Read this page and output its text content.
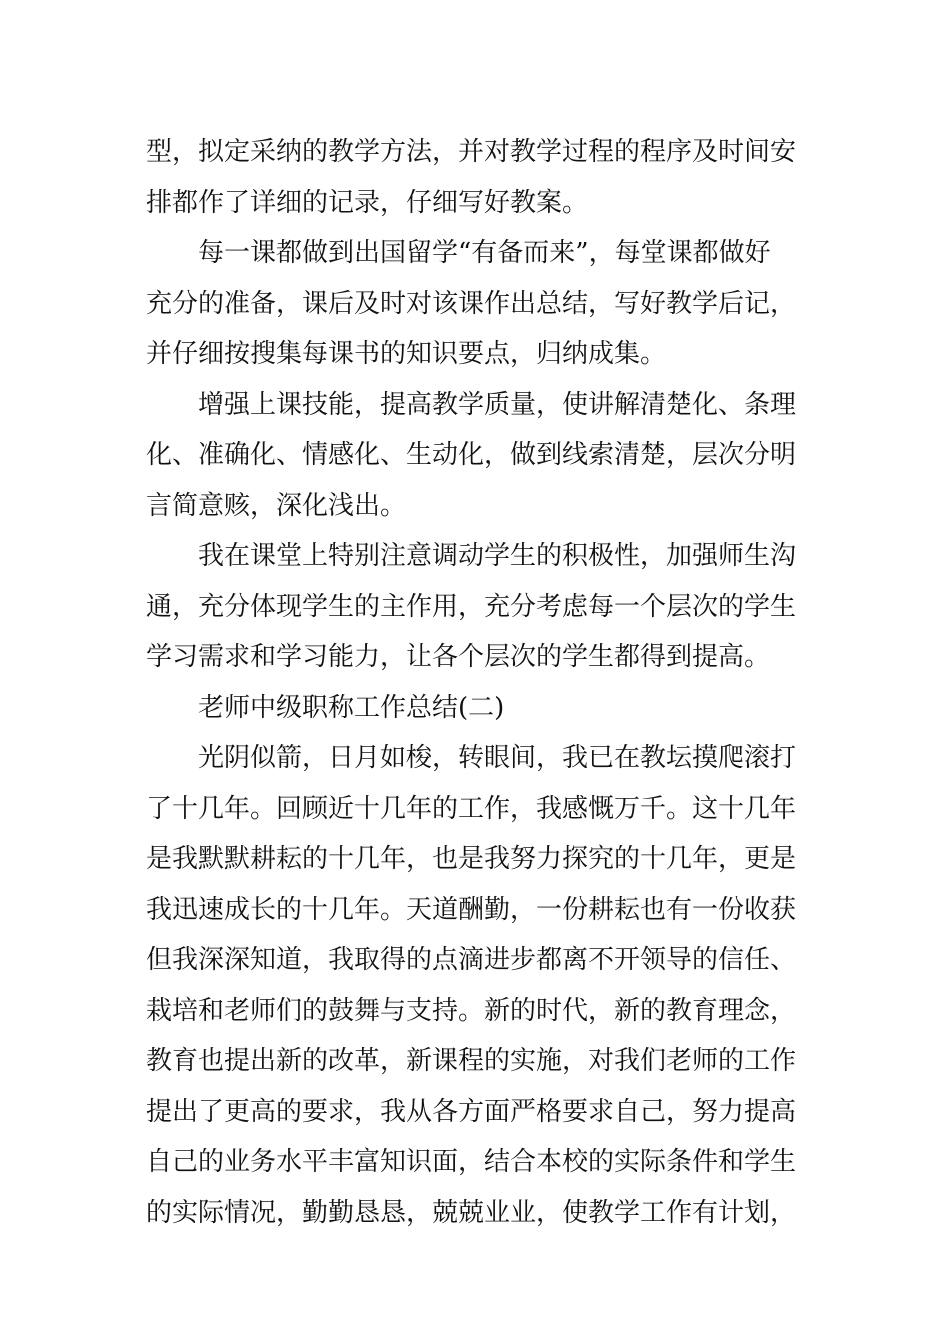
型，拟定采纳的教学方法，并对教学过程的程序及时间安
排都作了详细的记录，仔细写好教案。
每一课都做到出国留学“有备而来”，每堂课都做好
充分的准备，课后及时对该课作出总结，写好教学后记，
并仔细按搜集每课书的知识要点，归纳成集。
增强上课技能，提高教学质量，使讲解清楚化、条理
化、准确化、情感化、生动化，做到线索清楚，层次分明
言简意赅，深化浅出。
我在课堂上特别注意调动学生的积极性，加强师生沟
通，充分体现学生的主作用，充分考虑每一个层次的学生
学习需求和学习能力，让各个层次的学生都得到提高。
老师中级职称工作总结(二)
光阴似箭，日月如梭，转眼间，我已在教坛摸爬滚打
了十几年。回顾近十几年的工作，我感慨万千。这十几年
是我默默耕耘的十几年，也是我努力探究的十几年，更是
我迅速成长的十几年。天道酬勤，一份耕耘也有一份收获
但我深深知道，我取得的点滴进步都离不开领导的信任、
栽培和老师们的鼓舞与支持。新的时代，新的教育理念，
教育也提出新的改革，新课程的实施，对我们老师的工作
提出了更高的要求，我从各方面严格要求自己，努力提高
自己的业务水平丰富知识面，结合本校的实际条件和学生
的实际情况，勤勤恳恳，兢兢业业，使教学工作有计划，
